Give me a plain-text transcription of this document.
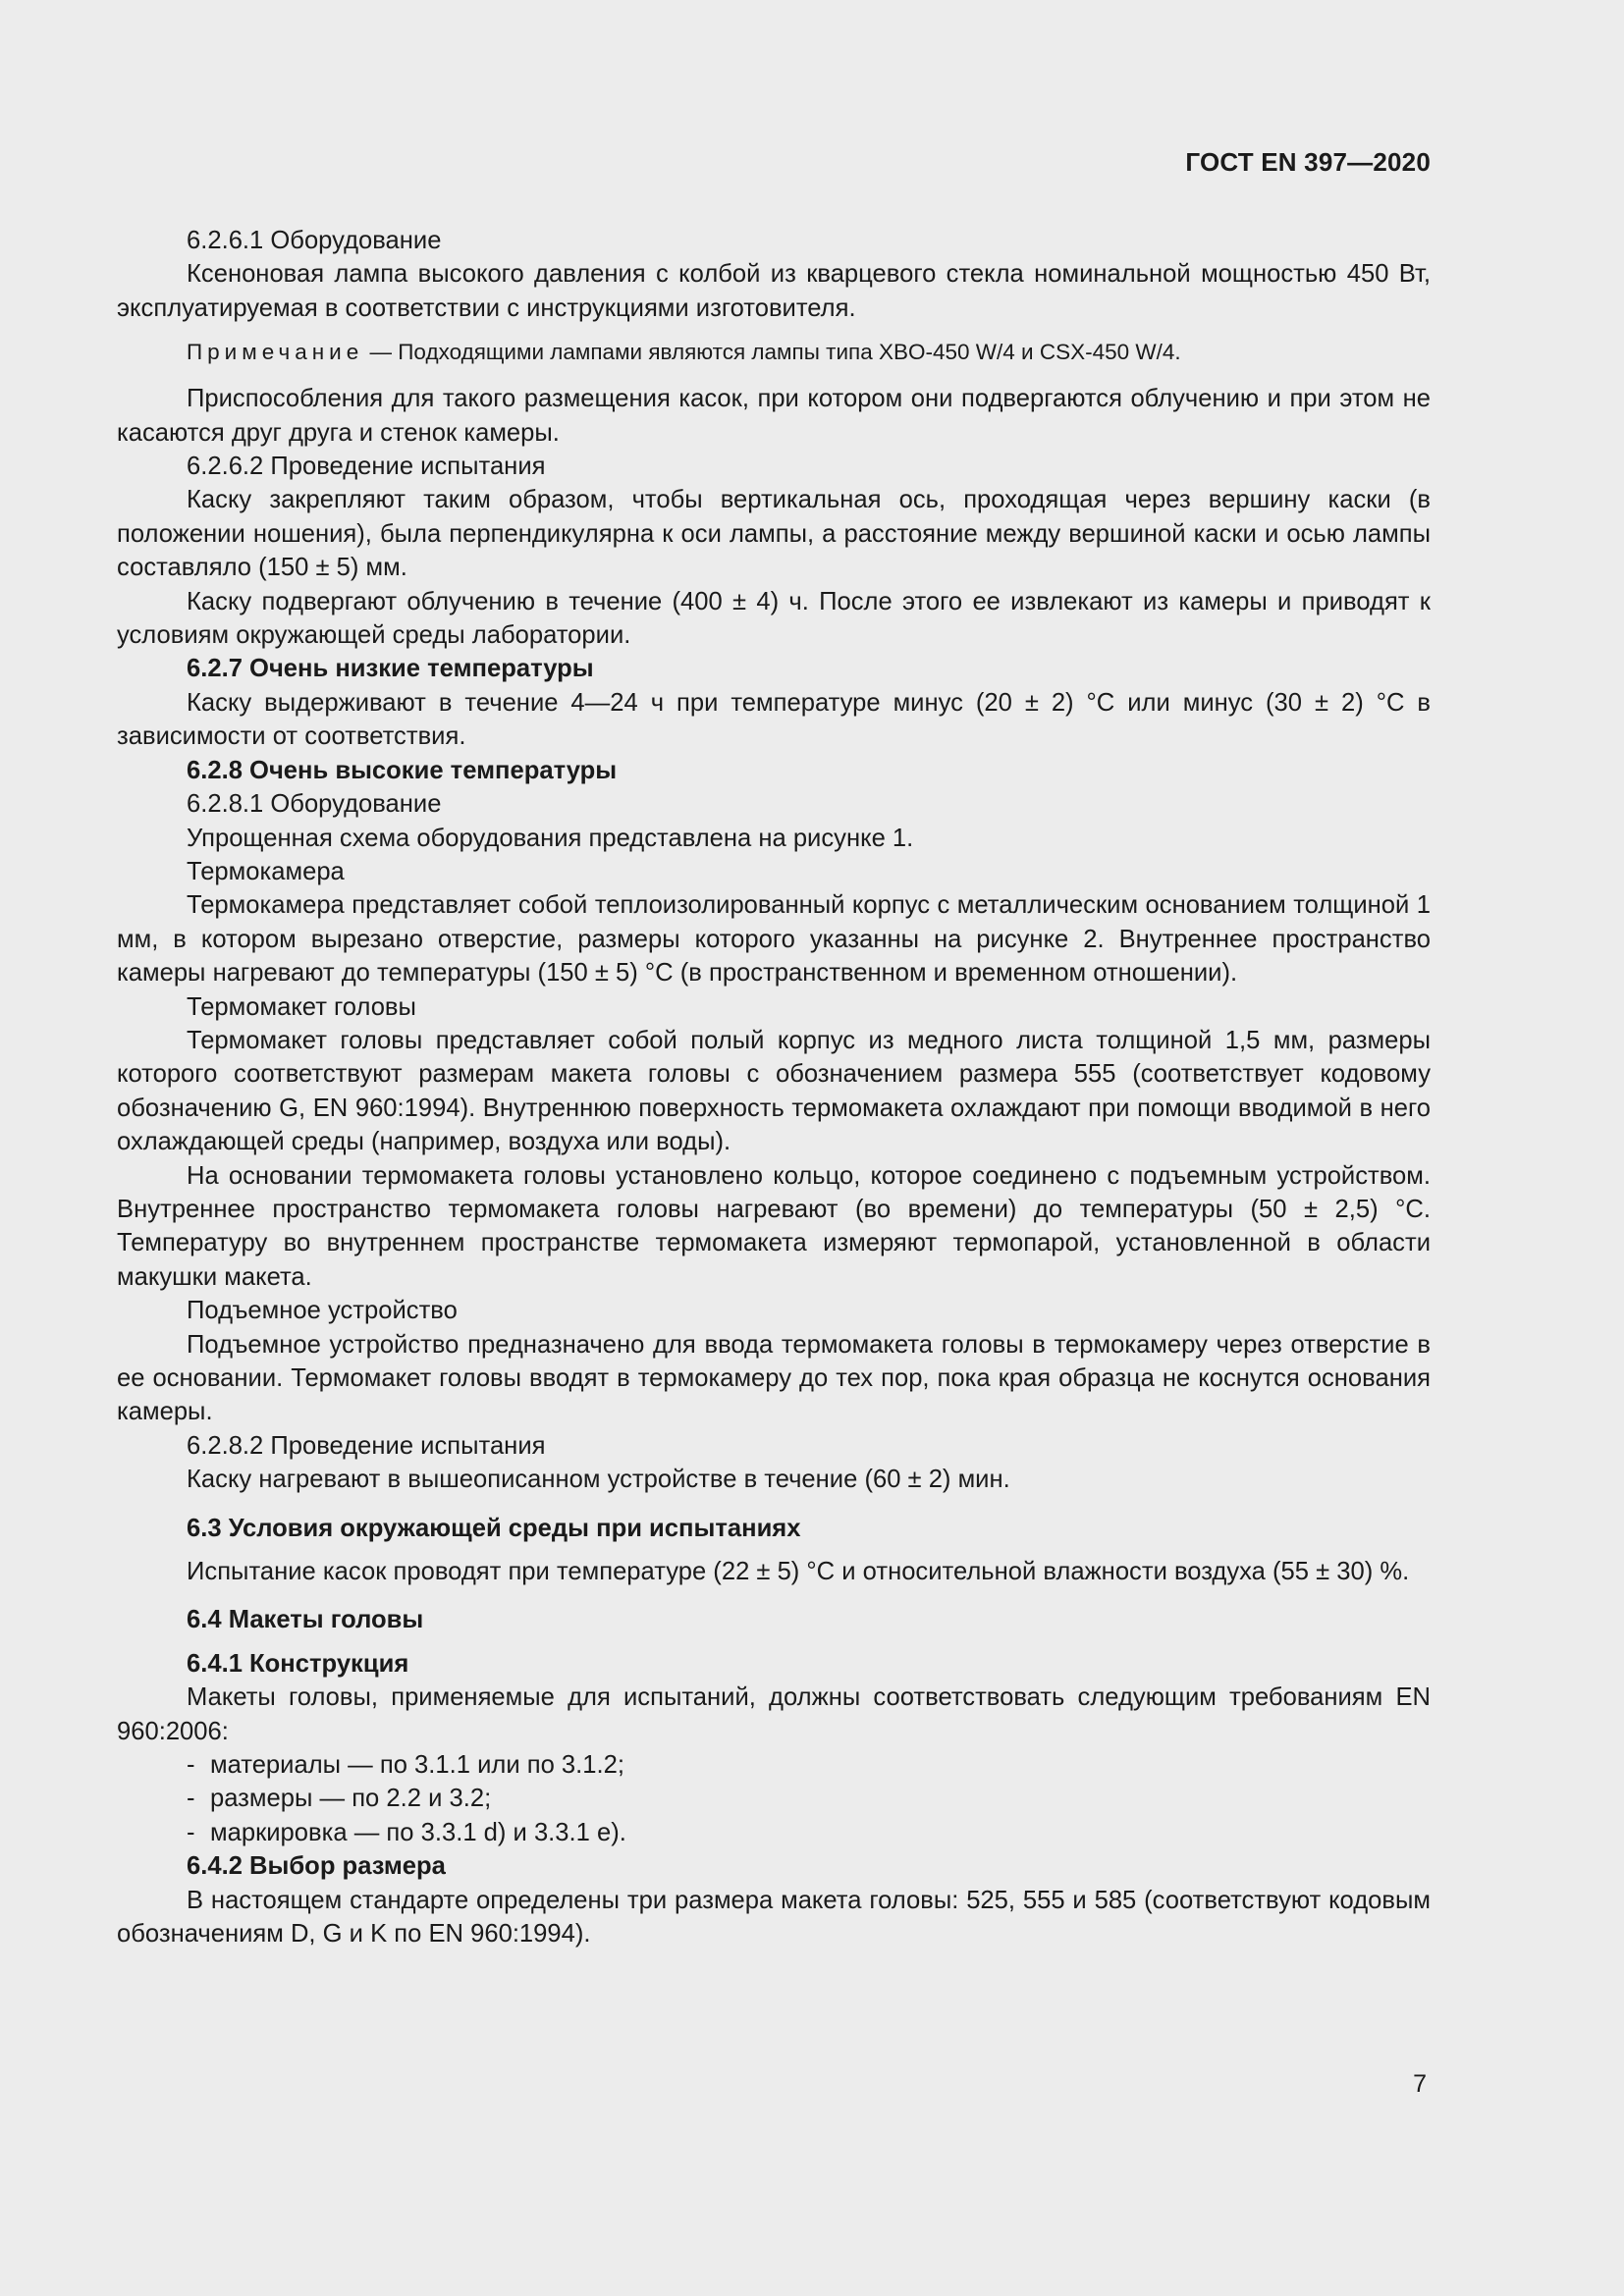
ГОСТ EN 397—2020

6.2.6.1 Оборудование

Ксеноновая лампа высокого давления с колбой из кварцевого стекла номинальной мощностью 450 Вт, эксплуатируемая в соответствии с инструкциями изготовителя.

Примечание — Подходящими лампами являются лампы типа XBO-450 W/4 и CSX-450 W/4.

Приспособления для такого размещения касок, при котором они подвергаются облучению и при этом не касаются друг друга и стенок камеры.

6.2.6.2 Проведение испытания

Каску закрепляют таким образом, чтобы вертикальная ось, проходящая через вершину каски (в положении ношения), была перпендикулярна к оси лампы, а расстояние между вершиной каски и осью лампы составляло (150 ± 5) мм.

Каску подвергают облучению в течение (400 ± 4) ч. После этого ее извлекают из камеры и приводят к условиям окружающей среды лаборатории.

6.2.7 Очень низкие температуры

Каску выдерживают в течение 4—24 ч при температуре минус (20 ± 2) °C или минус (30 ± 2) °C в зависимости от соответствия.

6.2.8 Очень высокие температуры

6.2.8.1 Оборудование

Упрощенная схема оборудования представлена на рисунке 1.

Термокамера

Термокамера представляет собой теплоизолированный корпус с металлическим основанием толщиной 1 мм, в котором вырезано отверстие, размеры которого указанны на рисунке 2. Внутреннее пространство камеры нагревают до температуры (150 ± 5) °C (в пространственном и временном отношении).

Термомакет головы

Термомакет головы представляет собой полый корпус из медного листа толщиной 1,5 мм, размеры которого соответствуют размерам макета головы с обозначением размера 555 (соответствует кодовому обозначению G, EN 960:1994). Внутреннюю поверхность термомакета охлаждают при помощи вводимой в него охлаждающей среды (например, воздуха или воды).

На основании термомакета головы установлено кольцо, которое соединено с подъемным устройством. Внутреннее пространство термомакета головы нагревают (во времени) до температуры (50 ± 2,5) °C. Температуру во внутреннем пространстве термомакета измеряют термопарой, установленной в области макушки макета.

Подъемное устройство

Подъемное устройство предназначено для ввода термомакета головы в термокамеру через отверстие в ее основании. Термомакет головы вводят в термокамеру до тех пор, пока края образца не коснутся основания камеры.

6.2.8.2 Проведение испытания

Каску нагревают в вышеописанном устройстве в течение (60 ± 2) мин.

6.3 Условия окружающей среды при испытаниях

Испытание касок проводят при температуре (22 ± 5) °C и относительной влажности воздуха (55 ± 30) %.

6.4 Макеты головы

6.4.1 Конструкция

Макеты головы, применяемые для испытаний, должны соответствовать следующим требованиям EN 960:2006:

- материалы — по 3.1.1 или по 3.1.2;

- размеры — по 2.2 и 3.2;

- маркировка — по 3.3.1 d) и 3.3.1 e).

6.4.2 Выбор размера

В настоящем стандарте определены три размера макета головы: 525, 555 и 585 (соответствуют кодовым обозначениям D, G и K по EN 960:1994).

7
